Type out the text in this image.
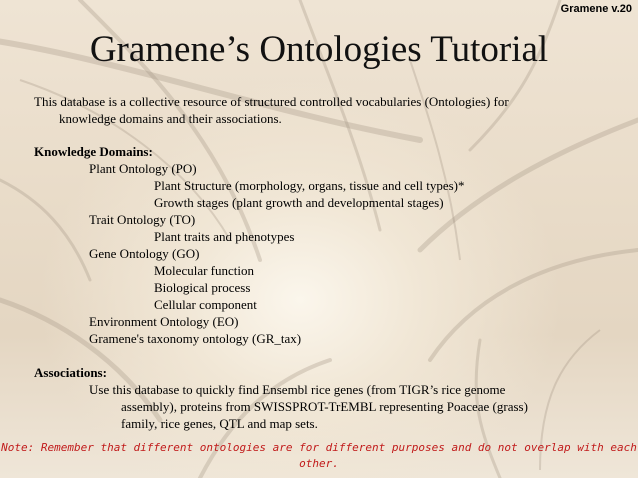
Gramene v.20
Gramene’s Ontologies Tutorial
This database is a collective resource of structured controlled vocabularies (Ontologies) for
knowledge domains and their associations.
Knowledge Domains:
Plant Ontology (PO)
Plant Structure (morphology, organs, tissue and cell types)*
Growth stages (plant growth and developmental stages)
Trait Ontology (TO)
Plant traits and phenotypes
Gene Ontology (GO)
Molecular function
Biological process
Cellular component
Environment Ontology (EO)
Gramene's taxonomy ontology (GR_tax)
Associations:
Use this database to quickly find Ensembl rice genes (from TIGR’s rice genome
assembly), proteins from SWISSPROT-TrEMBL representing Poaceae (grass)
family, rice genes, QTL and map sets.
Note: Remember that different ontologies are for different purposes and do not overlap with each
other.
